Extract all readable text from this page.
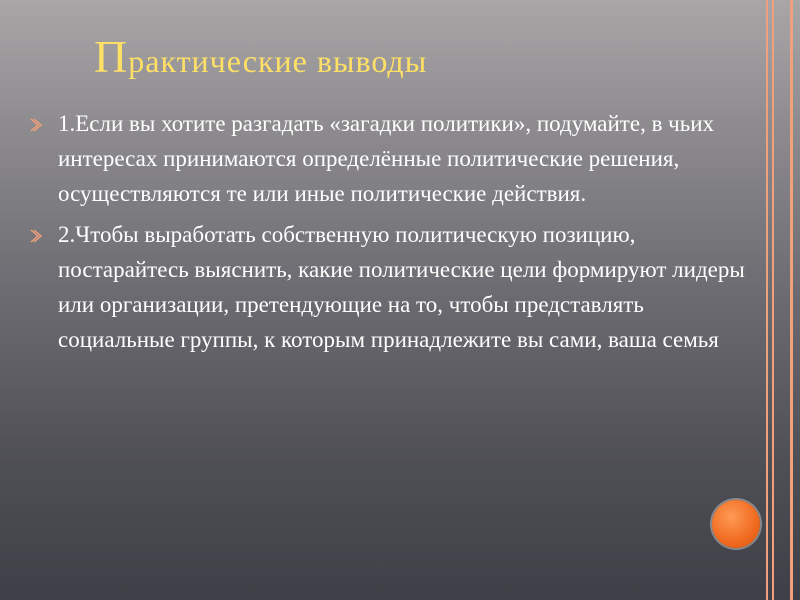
Практические выводы
1.Если вы хотите разгадать «загадки политики», подумайте, в чьих интересах принимаются определённые политические решения, осуществляются те или иные политические действия.
2.Чтобы выработать собственную политическую позицию, постарайтесь выяснить, какие политические цели формируют лидеры или организации, претендующие на то, чтобы представлять социальные группы, к которым принадлежите вы сами, ваша семья
